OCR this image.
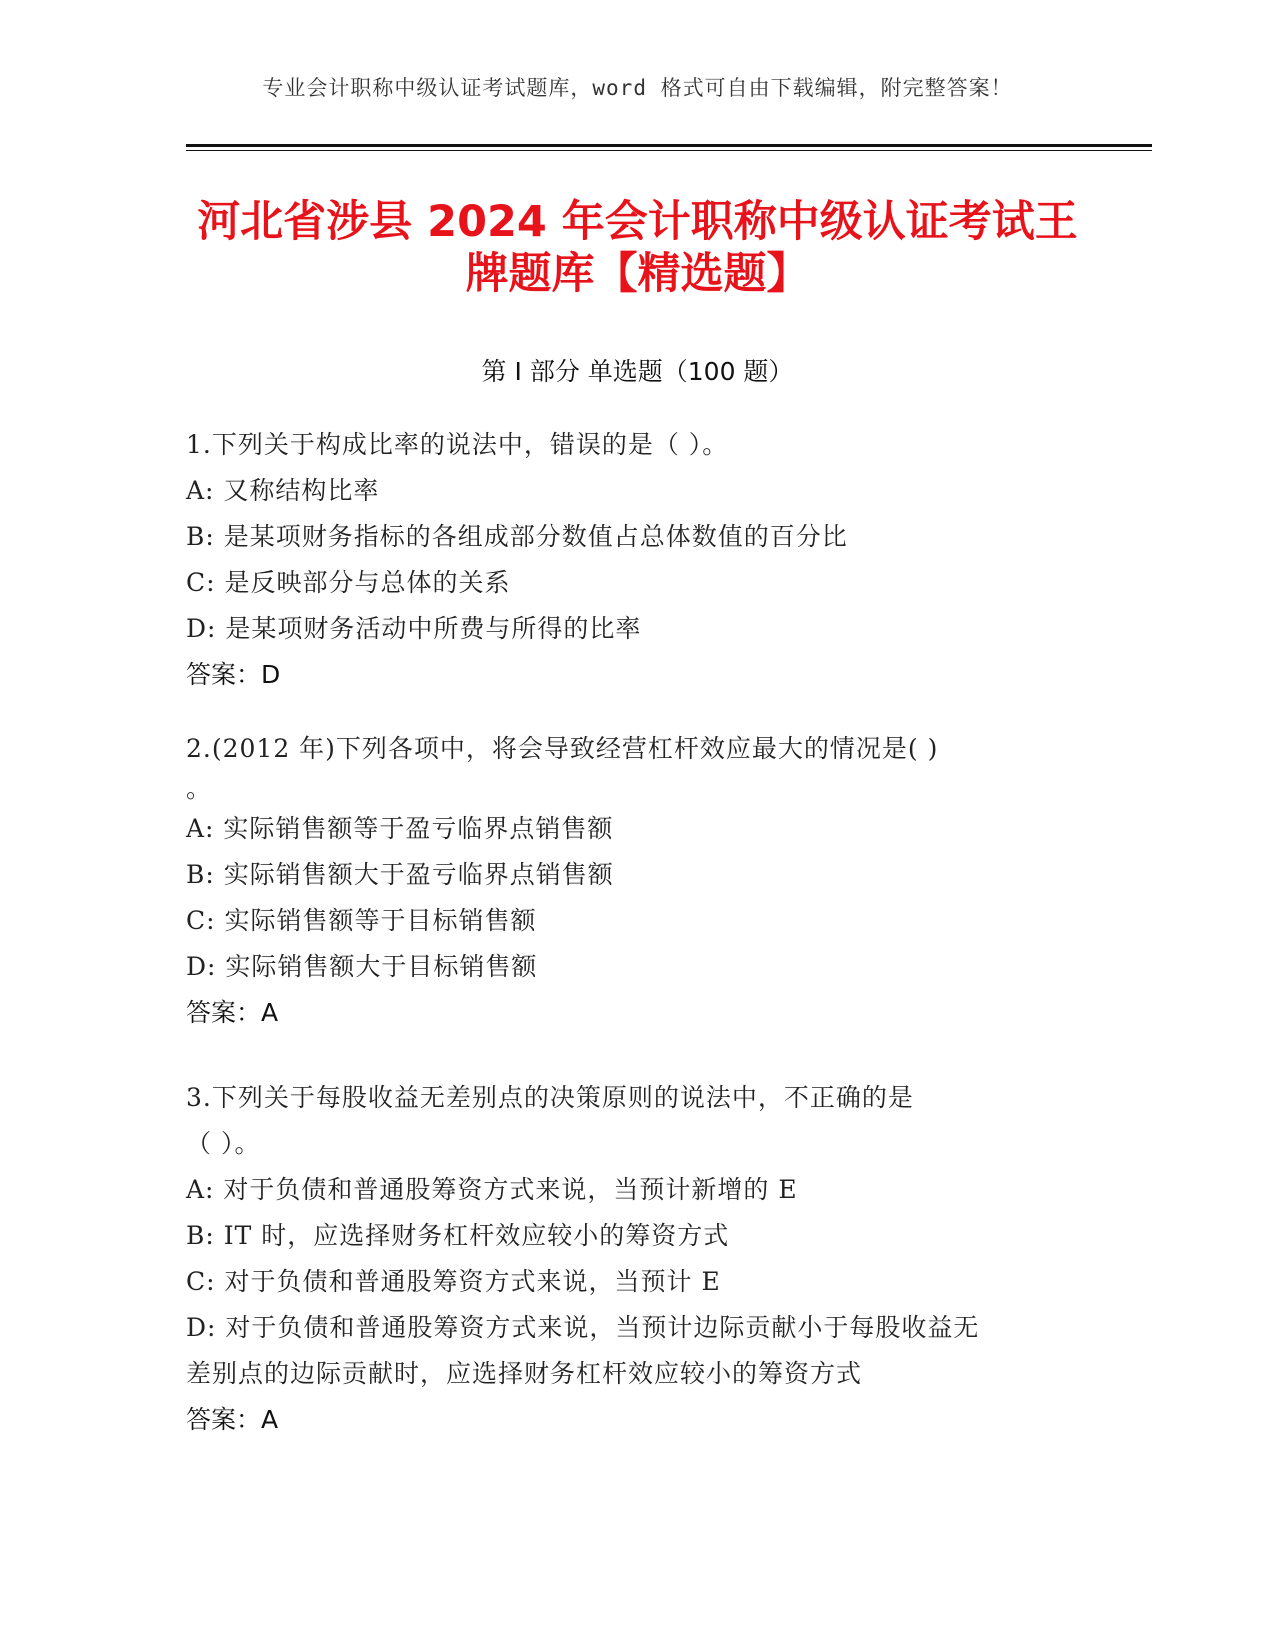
专业会计职称中级认证考试题库，word 格式可自由下载编辑，附完整答案！
河北省涉县 2024 年会计职称中级认证考试王
牌题库【精选题】
第 I 部分 单选题（100 题）
1.下列关于构成比率的说法中，错误的是（ ）。
A: 又称结构比率
B: 是某项财务指标的各组成部分数值占总体数值的百分比
C: 是反映部分与总体的关系
D: 是某项财务活动中所费与所得的比率
答案：D
2.(2012 年)下列各项中，将会导致经营杠杆效应最大的情况是( )
。
A: 实际销售额等于盈亏临界点销售额
B: 实际销售额大于盈亏临界点销售额
C: 实际销售额等于目标销售额
D: 实际销售额大于目标销售额
答案：A
3.下列关于每股收益无差别点的决策原则的说法中，不正确的是
（ ）。
A: 对于负债和普通股筹资方式来说，当预计新增的 E
B: IT 时，应选择财务杠杆效应较小的筹资方式
C: 对于负债和普通股筹资方式来说，当预计 E
D: 对于负债和普通股筹资方式来说，当预计边际贡献小于每股收益无
差别点的边际贡献时，应选择财务杠杆效应较小的筹资方式
答案：A
